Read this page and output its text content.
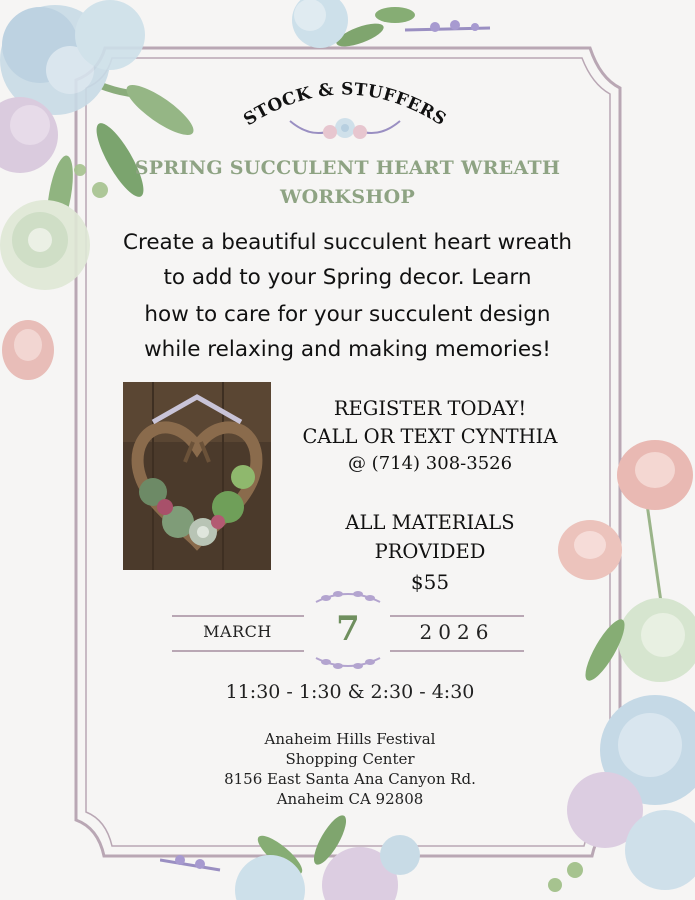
STOCK & STUFFERS
SPRING SUCCULENT HEART WREATH
WORKSHOP
Create a beautiful succulent heart wreath
to add to your Spring decor. Learn
how to care for your succulent design
while relaxing and making memories!
REGISTER TODAY!
CALL OR TEXT CYNTHIA
@ (714) 308-3526
ALL MATERIALS
PROVIDED
$55
MARCH	7	2026
11:30 - 1:30 & 2:30 - 4:30
Anaheim Hills Festival
Shopping Center
8156 East Santa Ana Canyon Rd.
Anaheim CA 92808
